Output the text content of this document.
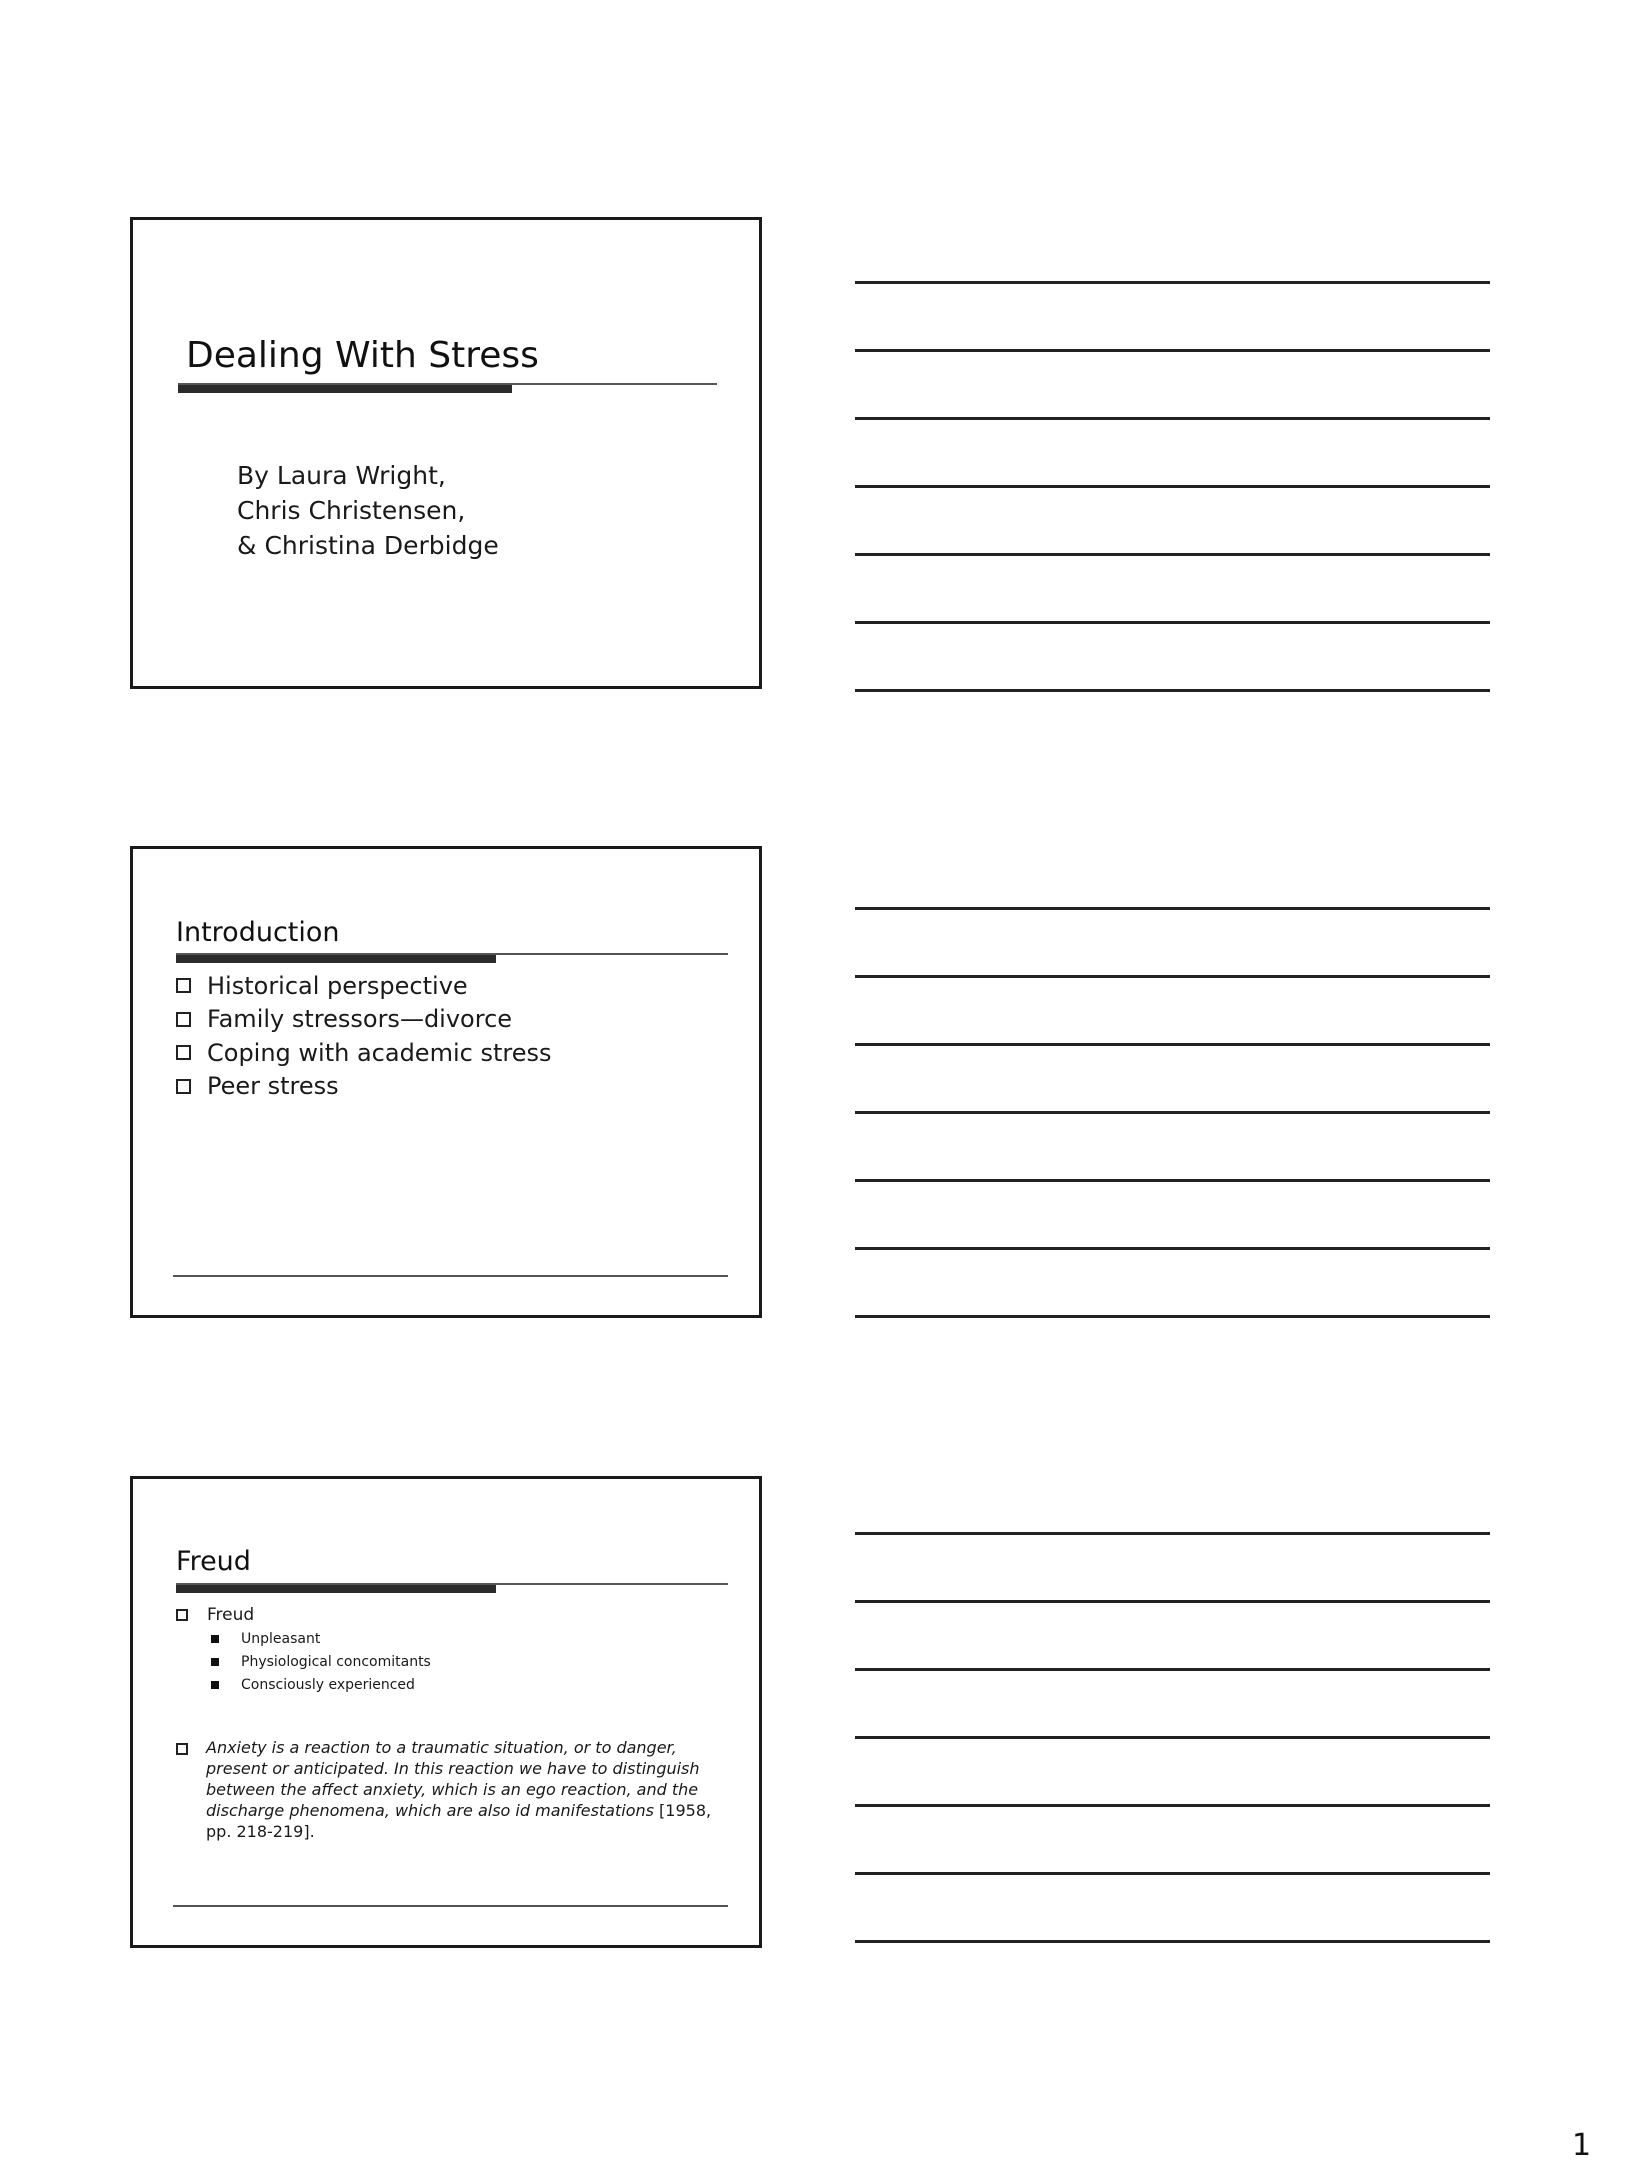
Dealing With Stress
By Laura Wright,
Chris Christensen,
& Christina Derbidge
Introduction
Historical perspective
Family stressors—divorce
Coping with academic stress
Peer stress
Freud
Freud
Unpleasant
Physiological concomitants
Consciously experienced
Anxiety is a reaction to a traumatic situation, or to danger, present or anticipated. In this reaction we have to distinguish between the affect anxiety, which is an ego reaction, and the discharge phenomena, which are also id manifestations [1958, pp. 218-219].
1
